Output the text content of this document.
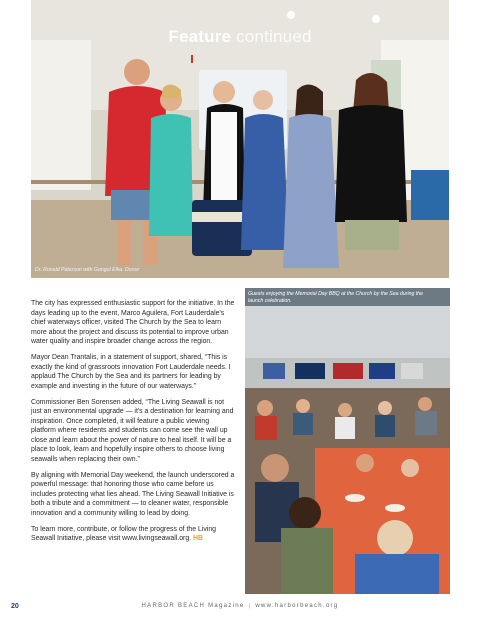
Feature continued
Dr. Ronald Paterson with Gongol Elka. Donor

The city has expressed enthusiastic support for the initiative. In the days leading up to the event, Marco Aguilera, Fort Lauderdale's chief waterways officer, visited The Church by the Sea to learn more about the project and discuss its potential to improve urban water quality and inspire broader change across the region.

Mayor Dean Trantalis, in a statement of support, shared, “This is exactly the kind of grassroots innovation Fort Lauderdale needs. I applaud The Church by the Sea and its partners for leading by example and investing in the future of our waterways.”

Commissioner Ben Sorensen added, “The Living Seawall is not just an environmental upgrade — it's a destination for learning and inspiration. Once completed, it will feature a public viewing platform where residents and students can come see the wall up close and learn about the power of nature to heal itself. It will be a place to look, learn and hopefully inspire others to choose living seawalls when replacing their own.”

By aligning with Memorial Day weekend, the launch underscored a powerful message: that honoring those who came before us includes protecting what lies ahead. The Living Seawall Initiative is both a tribute and a commitment — to cleaner water, responsible innovation and a community willing to lead by doing.

To learn more, contribute, or follow the progress of the Living Seawall Initiative, please visit www.livingseawall.org. HB

Guests enjoying the Memorial Day BBQ at the Church by the Sea during the launch celebration.
20	HARBOR BEACH Magazine | www.harborbeach.org
